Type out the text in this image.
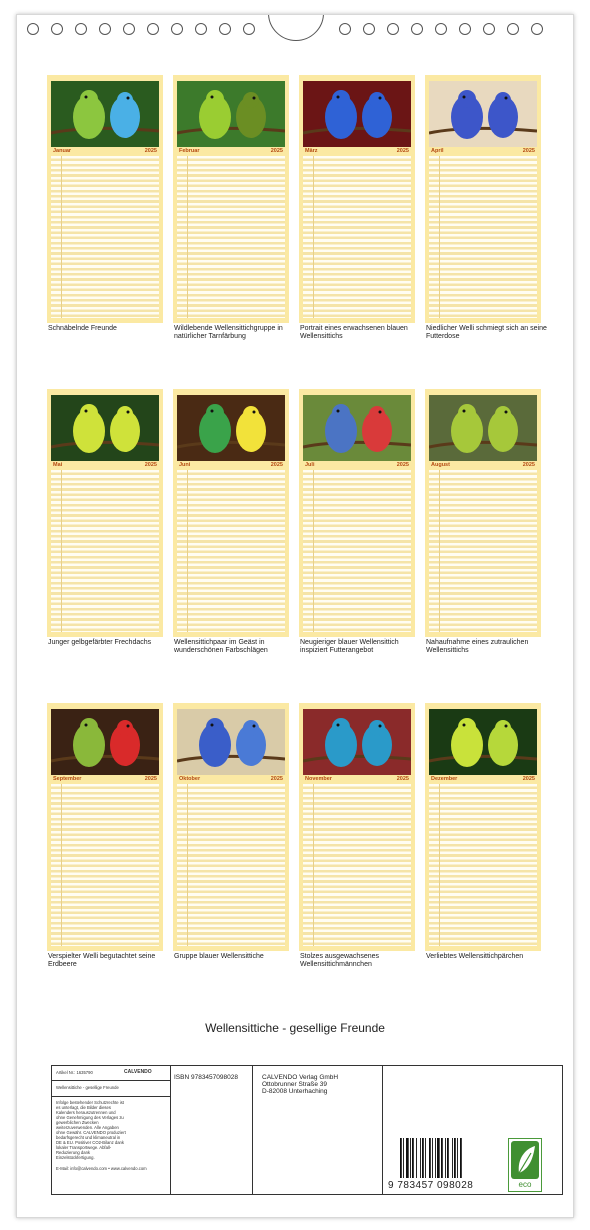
Januar	2025
Schnäbelnde Freunde
Februar	2025
Wildlebende Wellensittichgruppe in natürlicher Tarnfärbung
März	2025
Portrait eines erwachsenen blauen Wellensittichs
April	2025
Niedlicher Welli schmiegt sich an seine Futterdose
Mai	2025
Junger gelbgefärbter Frechdachs
Juni	2025
Wellensittichpaar im Geäst in wunderschönen Farbschlägen
Juli	2025
Neugieriger blauer Wellensittich inspiziert Futterangebot
August	2025
Nahaufnahme eines zutraulichen Wellensittichs
September	2025
Verspielter Welli begutachtet seine Erdbeere
Oktober	2025
Gruppe blauer Wellensittiche
November	2025
Stolzes ausgewachsenes Wellensittichmännchen
Dezember	2025
Verliebtes Wellensittichpärchen
Wellensittiche - gesellige Freunde
Artikel Nr.: 1635790	CALVENDO
Wellensittiche - gesellige Freunde
Infolge bestehender Schutzrechte ist es unterlagt, die Bilder dieses Kalenders herauszutrennen und ohne Genehmigung des Verlages zu gewerblichen Zwecken weiterzuverwenden. Alle Angaben ohne Gewähr. CALVENDO produziert bedarfsgerecht und klimaneutral in DE & EU. Positiver CO2-Bilanz dank lokaler Transportwege. Abfall-Reduzierung dank Einzelstückfertigung.
E-Mail: info@calvendo.com • www.calvendo.com
ISBN 9783457098028	CALVENDO Verlag GmbH
Ottobrunner Straße 39
D-82008 Unterhaching
9 783457 098028	eco
